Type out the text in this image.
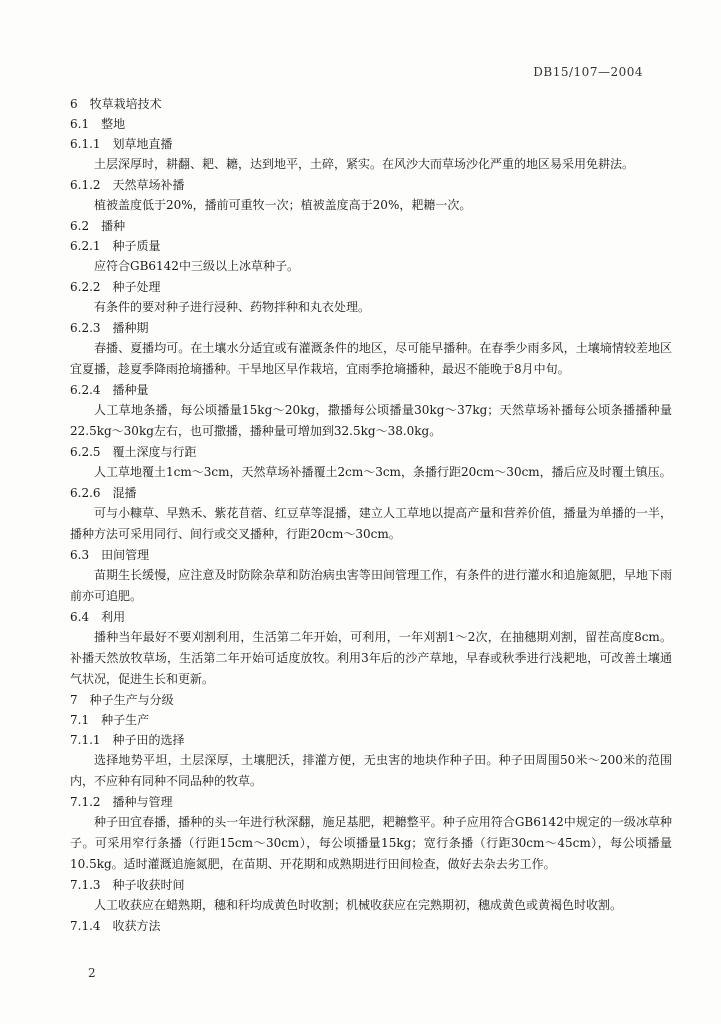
DB15/107—2004
6 牧草栽培技术
6.1 整地
6.1.1 划草地直播
土层深厚时，耕翻、耙、耱，达到地平，土碎，紧实。在风沙大而草场沙化严重的地区易采用免耕法。
6.1.2 天然草场补播
植被盖度低于20%，播前可重牧一次；植被盖度高于20%，耙耱一次。
6.2 播种
6.2.1 种子质量
应符合GB6142中三级以上冰草种子。
6.2.2 种子处理
有条件的要对种子进行浸种、药物拌种和丸衣处理。
6.2.3 播种期
春播、夏播均可。在土壤水分适宜或有灌溉条件的地区，尽可能早播种。在春季少雨多风，土壤墒情较差地区宜夏播，趁夏季降雨抢墒播种。干旱地区早作栽培，宜雨季抢墒播种，最迟不能晚于8月中旬。
6.2.4 播种量
人工草地条播，每公顷播量15kg～20kg，撒播每公顷播量30kg～37kg；天然草场补播每公顷条播播种量22.5kg～30kg左右，也可撒播，播种量可增加到32.5kg～38.0kg。
6.2.5 覆土深度与行距
人工草地覆土1cm～3cm，天然草场补播覆土2cm～3cm，条播行距20cm～30cm，播后应及时覆土镇压。
6.2.6 混播
可与小糠草、早熟禾、紫花苜蓿、红豆草等混播，建立人工草地以提高产量和营养价值，播量为单播的一半，播种方法可采用同行、间行或交叉播种，行距20cm～30cm。
6.3 田间管理
苗期生长缓慢，应注意及时防除杂草和防治病虫害等田间管理工作，有条件的进行灌水和追施氮肥，早地下雨前亦可追肥。
6.4 利用
播种当年最好不要刈割利用，生活第二年开始，可利用，一年刈割1～2次，在抽穗期刈割，留茬高度8cm。补播天然放牧草场，生活第二年开始可适度放牧。利用3年后的沙产草地，早春或秋季进行浅耙地，可改善土壤通气状况，促进生长和更新。
7 种子生产与分级
7.1 种子生产
7.1.1 种子田的选择
选择地势平坦，土层深厚，土壤肥沃，排灌方便，无虫害的地块作种子田。种子田周围50米～200米的范围内，不应种有同种不同品种的牧草。
7.1.2 播种与管理
种子田宜春播，播种的头一年进行秋深翻，施足基肥，耙耱整平。种子应用符合GB6142中规定的一级冰草种子。可采用窄行条播（行距15cm～30cm），每公顷播量15kg；宽行条播（行距30cm～45cm），每公顷播量10.5kg。适时灌溉追施氮肥，在苗期、开花期和成熟期进行田间检查，做好去杂去劣工作。
7.1.3 种子收获时间
人工收获应在蜡熟期，穗和秆均成黄色时收割；机械收获应在完熟期初，穗成黄色或黄褐色时收割。
7.1.4 收获方法
2
